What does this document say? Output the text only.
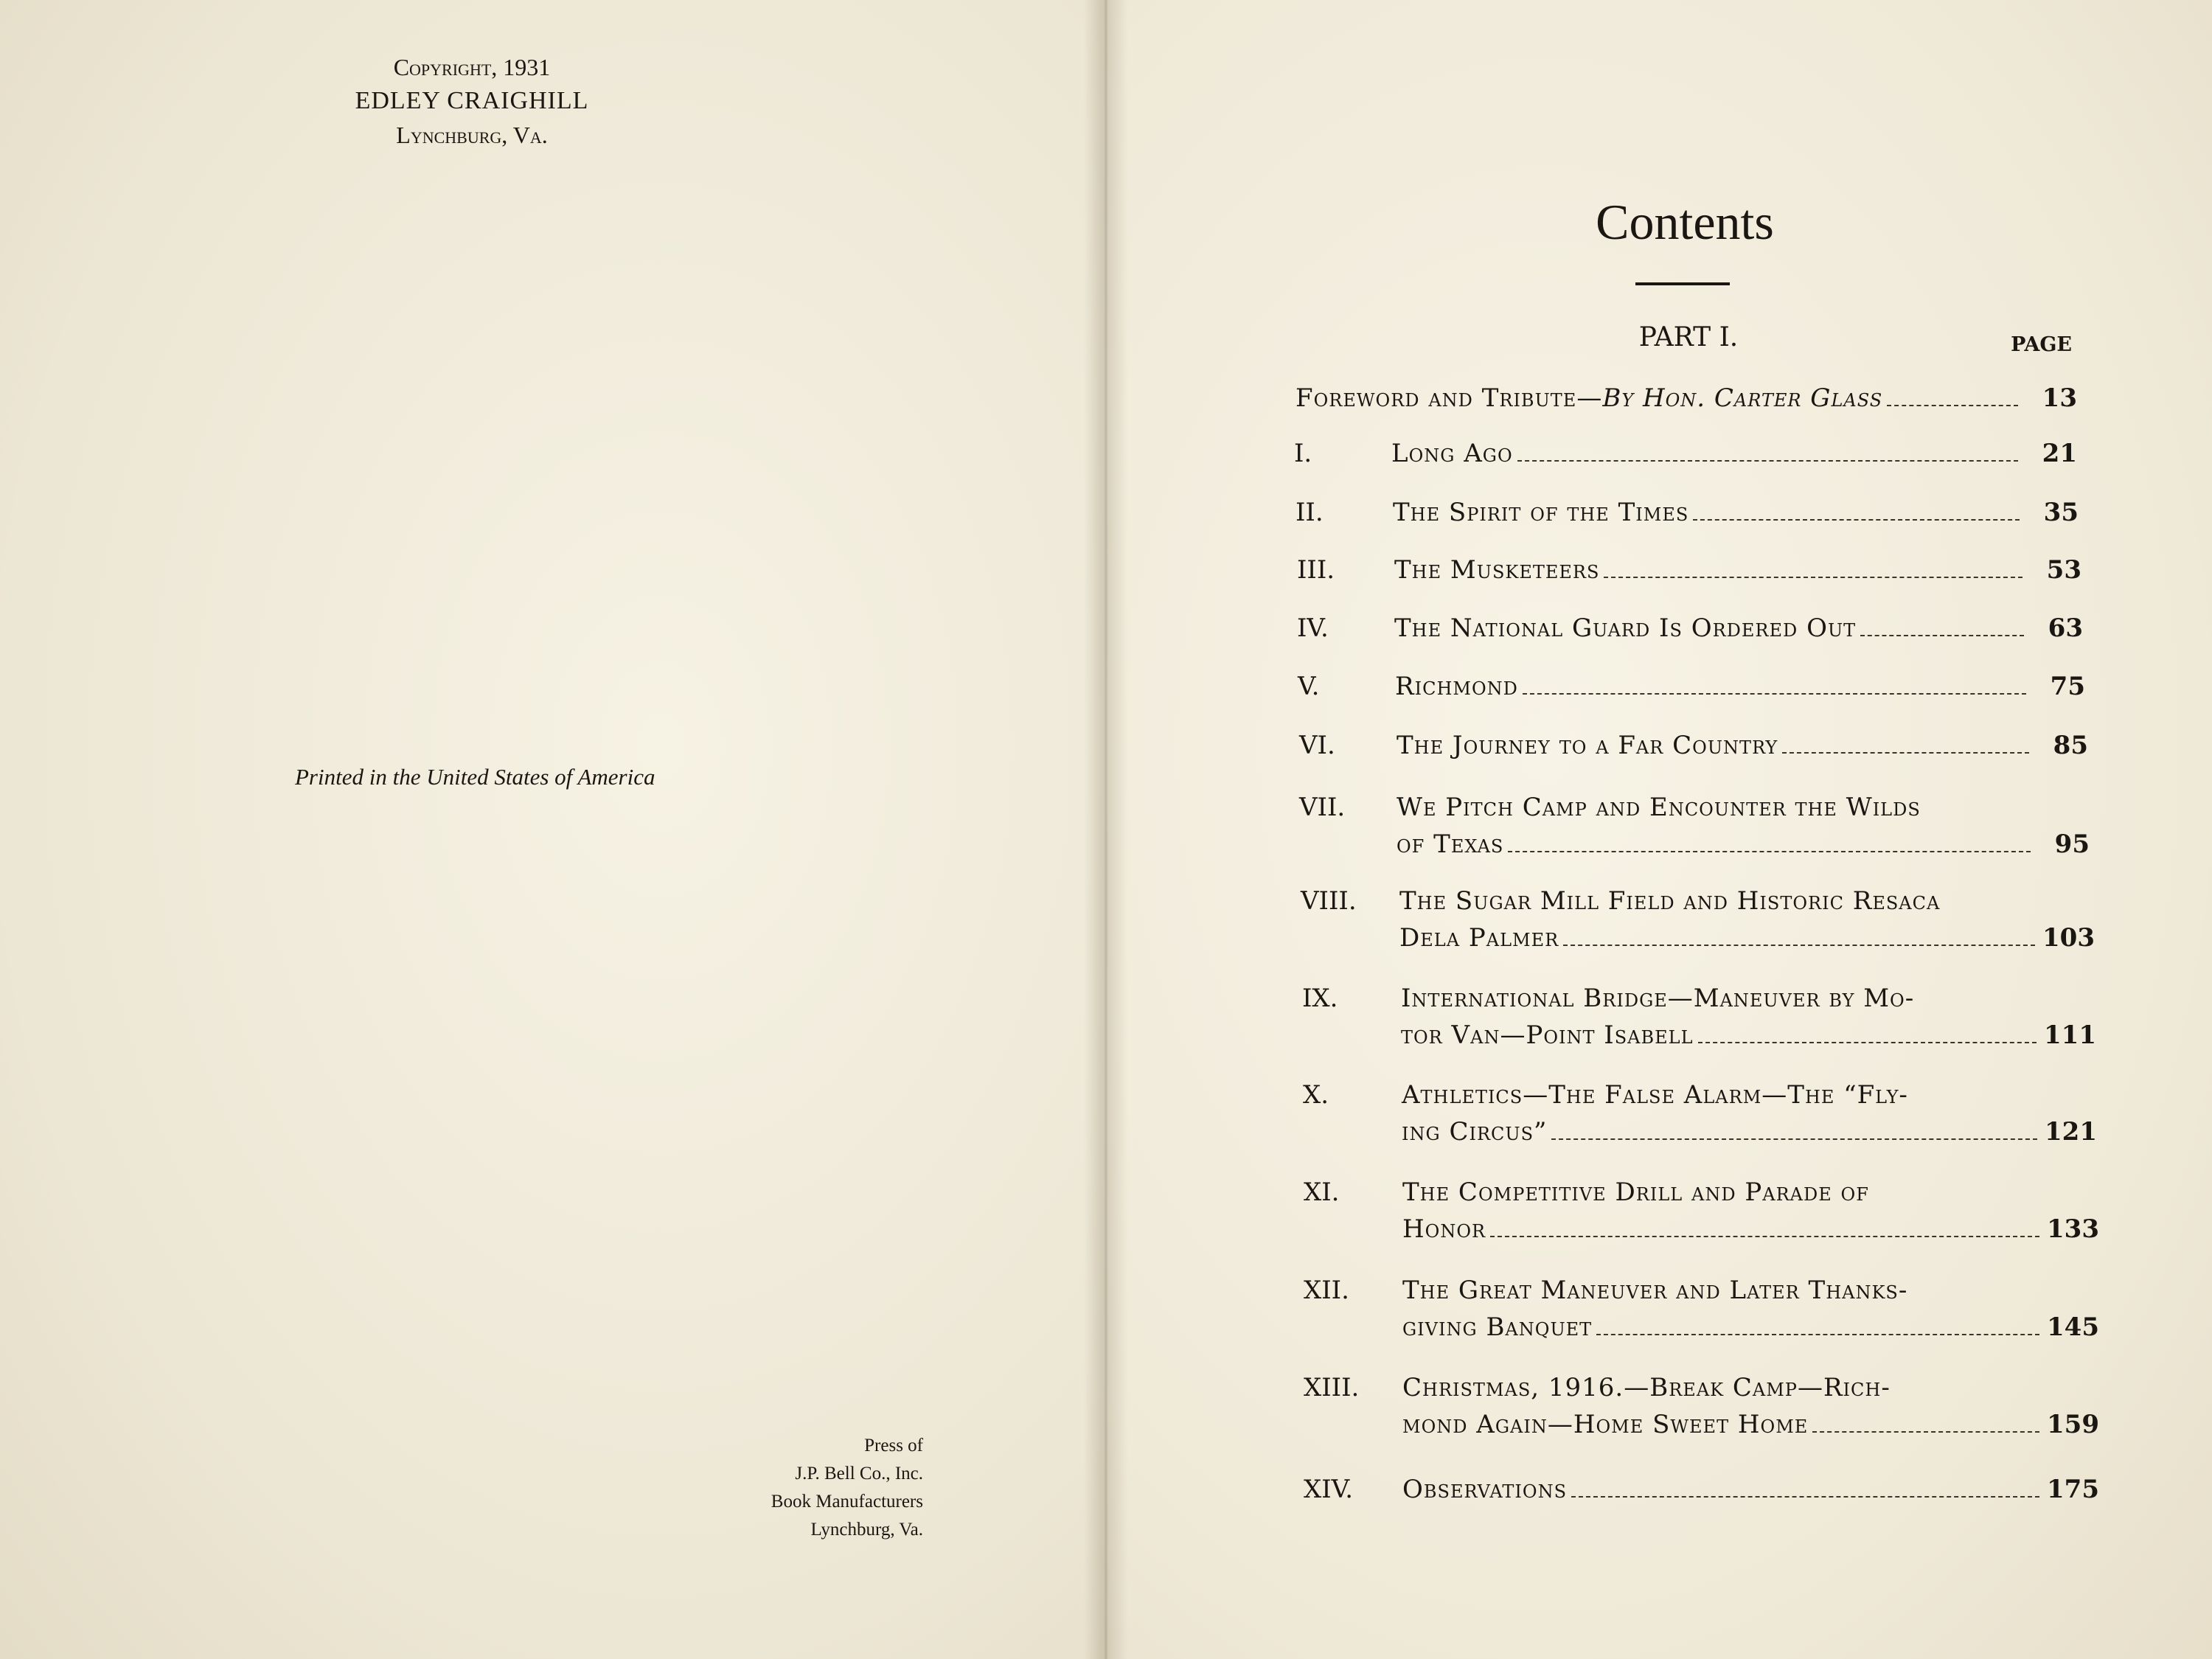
Copyright, 1931
EDLEY CRAIGHILL
Lynchburg, Va.
Printed in the United States of America
Press of
J.P. Bell Co., Inc.
Book Manufacturers
Lynchburg, Va.
Contents
PART I.	PAGE
Foreword and Tribute— By Hon. Carter Glass	13
I.	Long Ago	21
II.	The Spirit of the Times	35
III. The Musketeers	53
IV.	The National Guard Is Ordered Out	63
V.	Richmond	75
VI. The Journey to a Far Country	85
VII. We Pitch Camp and Encounter the Wilds
of Texas	95
VIII. The Sugar Mill Field and Historic Resaca
Dela Palmer	103
IX.	International Bridge—Maneuver by Mo-
tor Van—Point Isabell	111
X.	Athletics—The False Alarm—The “Fly-
ing Circus”	121
XI.	The Competitive Drill and Parade of
Honor	133
XII. The Great Maneuver and Later Thanks-
giving Banquet	145
XIII. Christmas, 1916.—Break Camp—Rich-
mond Again—Home Sweet Home	159
XIV. Observations	175
